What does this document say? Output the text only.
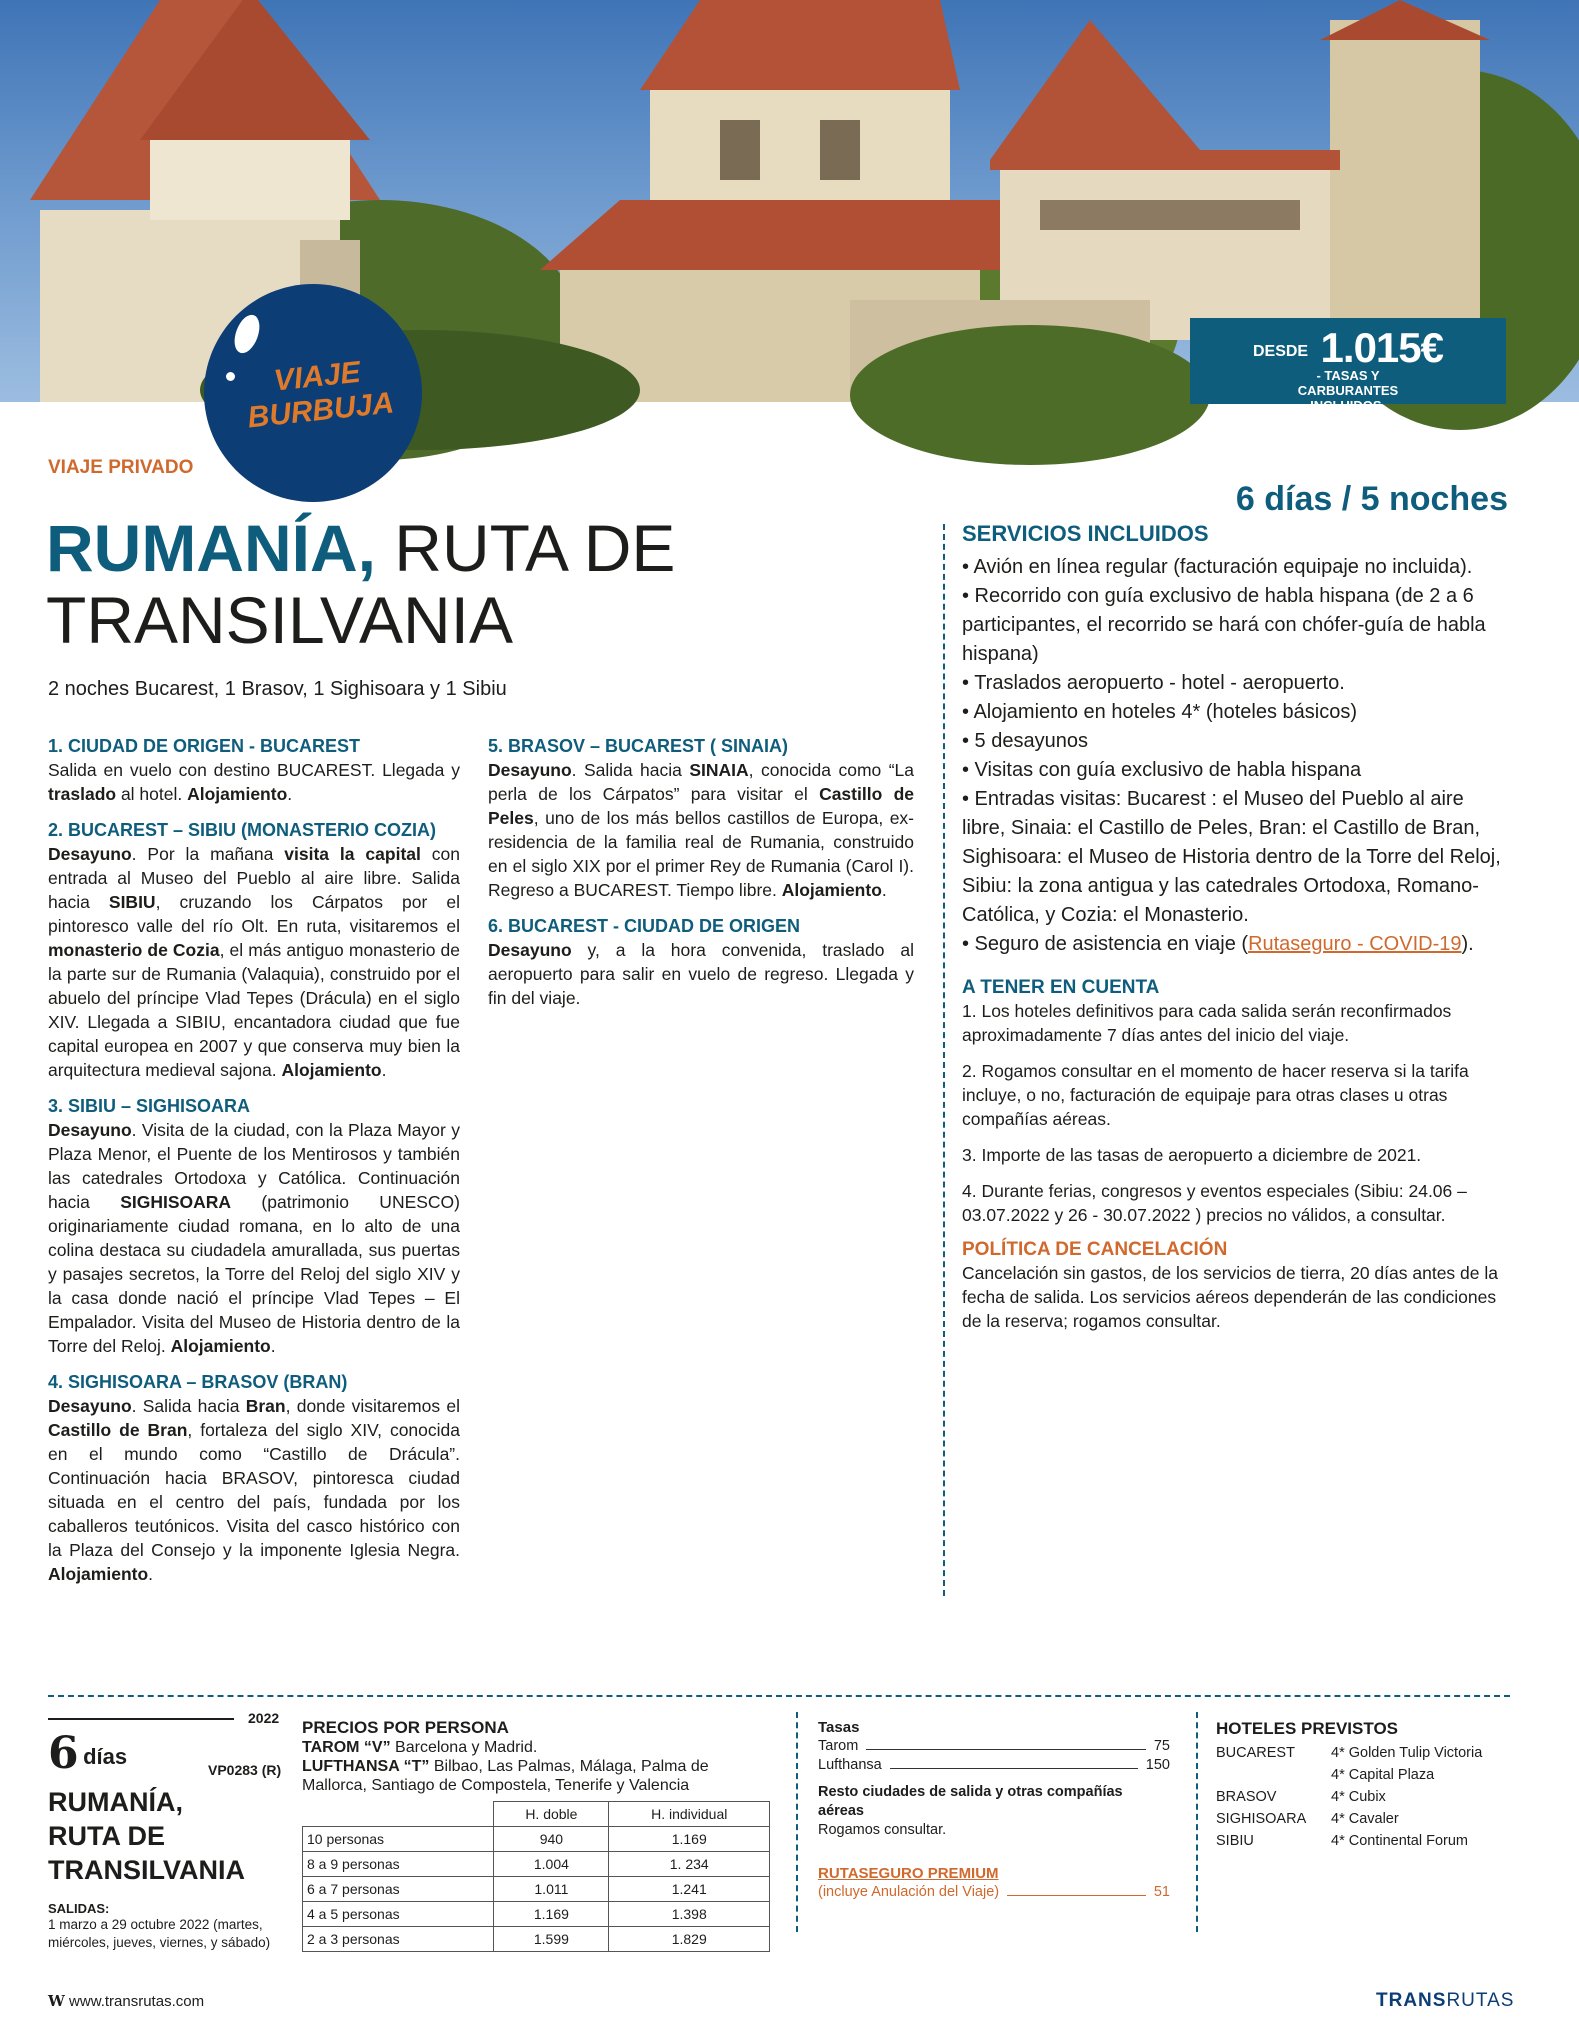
DESDE 1.015€
- TASAS Y CARBURANTES INCLUIDOS-
VIAJE
BURBUJA
VIAJE PRIVADO
RUMANÍA, RUTA DE
TRANSILVANIA
2 noches Bucarest, 1 Brasov, 1 Sighisoara y 1 Sibiu
6 días / 5 noches
1. CIUDAD DE ORIGEN - BUCAREST
Salida en vuelo con destino BUCAREST. Llegada y traslado al hotel. Alojamiento.
2. BUCAREST – SIBIU (MONASTERIO COZIA)
Desayuno. Por la mañana visita la capital con entrada al Museo del Pueblo al aire libre. Salida hacia SIBIU, cruzando los Cárpatos por el pintoresco valle del río Olt. En ruta, visitaremos el monasterio de Cozia, el más antiguo monasterio de la parte sur de Rumania (Valaquia), construido por el abuelo del príncipe Vlad Tepes (Drácula) en el siglo XIV. Llegada a SIBIU, encantadora ciudad que fue capital europea en 2007 y que conserva muy bien la arquitectura medieval sajona. Alojamiento.
3. SIBIU – SIGHISOARA
Desayuno. Visita de la ciudad, con la Plaza Mayor y Plaza Menor, el Puente de los Mentirosos y también las catedrales Ortodoxa y Católica. Continuación hacia SIGHISOARA (patrimonio UNESCO) originariamente ciudad romana, en lo alto de una colina destaca su ciudadela amurallada, sus puertas y pasajes secretos, la Torre del Reloj del siglo XIV y la casa donde nació el príncipe Vlad Tepes – El Empalador. Visita del Museo de Historia dentro de la Torre del Reloj. Alojamiento.
4. SIGHISOARA – BRASOV (BRAN)
Desayuno. Salida hacia Bran, donde visitaremos el Castillo de Bran, fortaleza del siglo XIV, conocida en el mundo como “Castillo de Drácula”. Continuación hacia BRASOV, pintoresca ciudad situada en el centro del país, fundada por los caballeros teutónicos. Visita del casco histórico con la Plaza del Consejo y la imponente Iglesia Negra. Alojamiento.
5. BRASOV – BUCAREST ( SINAIA)
Desayuno. Salida hacia SINAIA, conocida como “La perla de los Cárpatos” para visitar el Castillo de Peles, uno de los más bellos castillos de Europa, ex-residencia de la familia real de Rumania, construido en el siglo XIX por el primer Rey de Rumania (Carol I). Regreso a BUCAREST. Tiempo libre. Alojamiento.
6. BUCAREST - CIUDAD DE ORIGEN
Desayuno y, a la hora convenida, traslado al aeropuerto para salir en vuelo de regreso. Llegada y fin del viaje.
SERVICIOS INCLUIDOS
• Avión en línea regular (facturación equipaje no incluida).
• Recorrido con guía exclusivo de habla hispana (de 2 a 6 participantes, el recorrido se hará con chófer-guía de habla hispana)
• Traslados aeropuerto - hotel - aeropuerto.
• Alojamiento en hoteles 4* (hoteles básicos)
• 5 desayunos
• Visitas con guía exclusivo de habla hispana
• Entradas visitas: Bucarest : el Museo del Pueblo al aire libre, Sinaia: el Castillo de Peles, Bran: el Castillo de Bran, Sighisoara: el Museo de Historia dentro de la Torre del Reloj, Sibiu: la zona antigua y las catedrales Ortodoxa, Romano-Católica, y Cozia: el Monasterio.
• Seguro de asistencia en viaje (Rutaseguro - COVID-19).
A TENER EN CUENTA
1. Los hoteles definitivos para cada salida serán reconfirmados aproximadamente 7 días antes del inicio del viaje.
2. Rogamos consultar en el momento de hacer reserva si la tarifa incluye, o no, facturación de equipaje para otras clases u otras compañías aéreas.
3. Importe de las tasas de aeropuerto a diciembre de 2021.
4. Durante ferias, congresos y eventos especiales (Sibiu: 24.06 – 03.07.2022 y 26 - 30.07.2022 ) precios no válidos, a consultar.
POLÍTICA DE CANCELACIÓN
Cancelación sin gastos, de los servicios de tierra, 20 días antes de la fecha de salida. Los servicios aéreos dependerán de las condiciones de la reserva; rogamos consultar.
2022
6 días
VP0283 (R)
RUMANÍA, RUTA DE TRANSILVANIA
SALIDAS:
1 marzo a 29 octubre 2022 (martes, miércoles, jueves, viernes, y sábado)
PRECIOS POR PERSONA
TAROM “V” Barcelona y Madrid.
LUFTHANSA “T” Bilbao, Las Palmas, Málaga, Palma de Mallorca, Santiago de Compostela, Tenerife y Valencia
	H. doble	H. individual
10 personas	940	1.169
8 a 9 personas	1.004	1. 234
6 a 7 personas	1.011	1.241
4 a 5 personas	1.169	1.398
2 a 3 personas	1.599	1.829
Tasas
Tarom	75
Lufthansa	150
Resto ciudades de salida y otras compañías aéreas
Rogamos consultar.
RUTASEGURO PREMIUM
(incluye Anulación del Viaje)	51
HOTELES PREVISTOS
BUCAREST	4* Golden Tulip Victoria
4* Capital Plaza
BRASOV	4* Cubix
SIGHISOARA	4* Cavaler
SIBIU	4* Continental Forum
W www.transrutas.com	TRANSRUTAS
